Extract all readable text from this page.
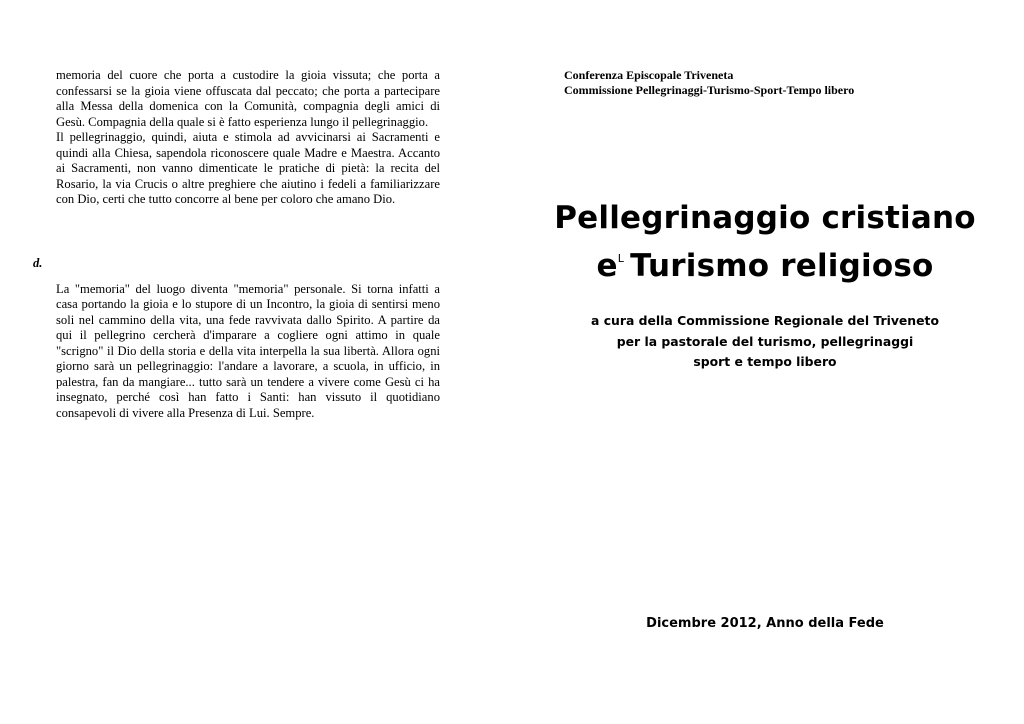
memoria del cuore che porta a custodire la gioia vissuta; che porta a confessarsi se la gioia viene offuscata dal peccato; che porta a partecipare alla Messa della domenica con la Comunità, compagnia degli amici di Gesù. Compagnia della quale si è fatto esperienza lungo il pellegrinaggio.

Il pellegrinaggio, quindi, aiuta e stimola ad avvicinarsi ai Sacramenti e quindi alla Chiesa, sapendola riconoscere quale Madre e Maestra. Accanto ai Sacramenti, non vanno dimenticate le pratiche di pietà: la recita del Rosario, la via Crucis o altre preghiere che aiutino i fedeli a familiarizzare con Dio, certi che tutto concorre al bene per coloro che amano Dio.

d.

La "memoria" del luogo diventa "memoria" personale. Si torna infatti a casa portando la gioia e lo stupore di un Incontro, la gioia di sentirsi meno soli nel cammino della vita, una fede ravvivata dallo Spirito. A partire da qui il pellegrino cercherà d'imparare a cogliere ogni attimo in quale "scrigno" il Dio della storia e della vita interpella la sua libertà. Allora ogni giorno sarà un pellegrinaggio: l'andare a lavorare, a scuola, in ufficio, in palestra, fan da mangiare... tutto sarà un tendere a vivere come Gesù ci ha insegnato, perché così han fatto i Santi: han vissuto il quotidiano consapevoli di vivere alla Presenza di Lui. Sempre.

Conferenza Episcopale Triveneta
Commissione Pellegrinaggi-Turismo-Sport-Tempo libero
Pellegrinaggio cristiano
$e^L$ Turismo religioso
a cura della Commissione Regionale del Triveneto
per la pastorale del turismo, pellegrinaggi
sport e tempo libero
Dicembre 2012, Anno della Fede
